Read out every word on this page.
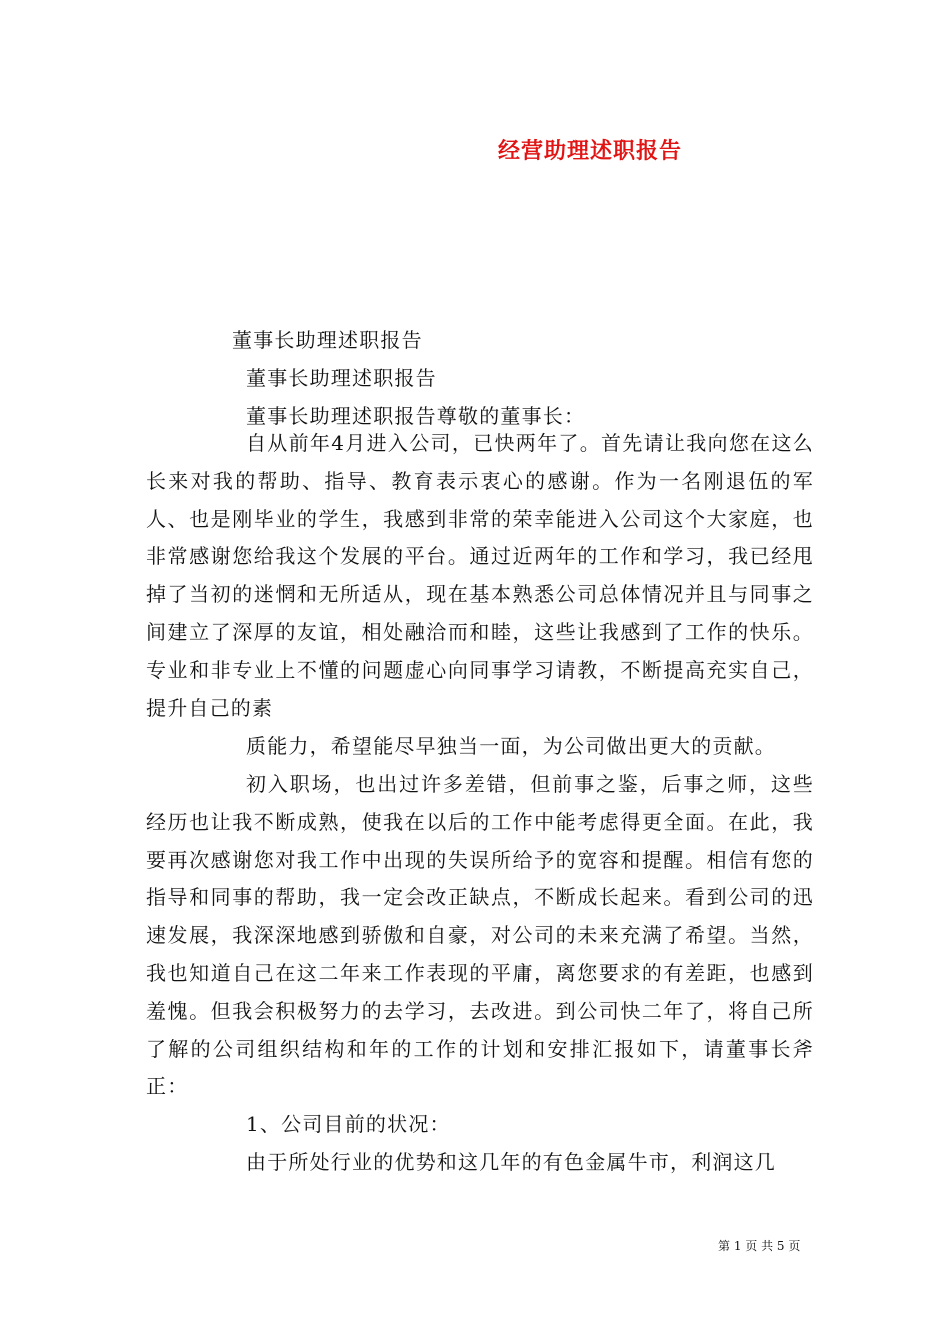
经营助理述职报告
董事长助理述职报告
董事长助理述职报告
董事长助理述职报告尊敬的董事长：
自从前年4月进入公司，已快两年了。首先请让我向您在这么长来对我的帮助、指导、教育表示衷心的感谢。作为一名刚退伍的军人、也是刚毕业的学生，我感到非常的荣幸能进入公司这个大家庭，也非常感谢您给我这个发展的平台。通过近两年的工作和学习，我已经甩掉了当初的迷惘和无所适从，现在基本熟悉公司总体情况并且与同事之间建立了深厚的友谊，相处融洽而和睦，这些让我感到了工作的快乐。专业和非专业上不懂的问题虚心向同事学习请教，不断提高充实自己，提升自己的素
质能力，希望能尽早独当一面，为公司做出更大的贡献。
初入职场，也出过许多差错，但前事之鉴，后事之师，这些经历也让我不断成熟，使我在以后的工作中能考虑得更全面。在此，我要再次感谢您对我工作中出现的失误所给予的宽容和提醒。相信有您的指导和同事的帮助，我一定会改正缺点，不断成长起来。看到公司的迅速发展，我深深地感到骄傲和自豪，对公司的未来充满了希望。当然，我也知道自己在这二年来工作表现的平庸，离您要求的有差距，也感到羞愧。但我会积极努力的去学习，去改进。到公司快二年了，将自己所了解的公司组织结构和年的工作的计划和安排汇报如下，请董事长斧正：
1、公司目前的状况：
由于所处行业的优势和这几年的有色金属牛市，利润这几
第 1 页 共 5 页
